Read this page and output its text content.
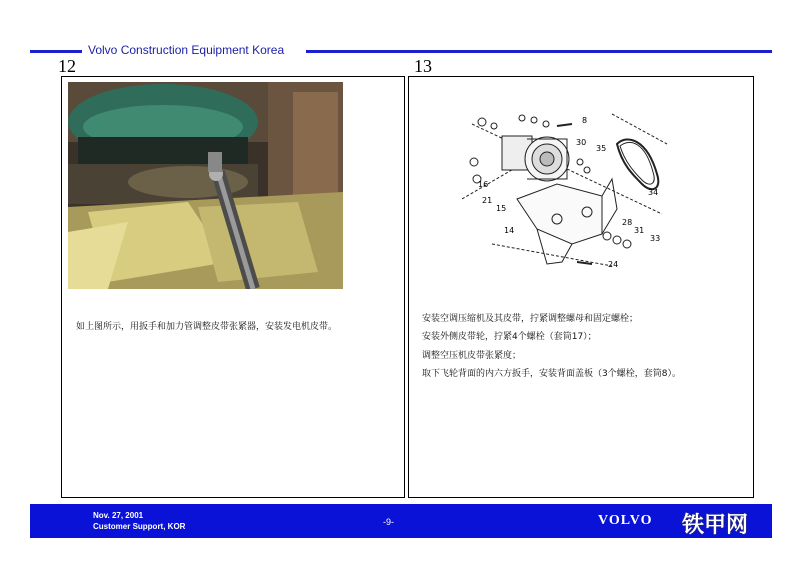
Volvo Construction Equipment Korea
12	13
如上图所示，用扳手和加力管调整皮带张紧器，安装发电机皮带。
8
30
35
16
21
15
14
34
28
31
33
24
安装空调压缩机及其皮带，拧紧调整螺母和固定螺栓；
安装外侧皮带轮，拧紧4个螺栓（套筒17）；
调整空压机皮带张紧度；
取下飞轮背面的内六方扳手，安装背面盖板（3个螺栓，套筒8）。
Nov. 27, 2001
Customer Support, KOR	-9-	VOLVO 铁甲网
